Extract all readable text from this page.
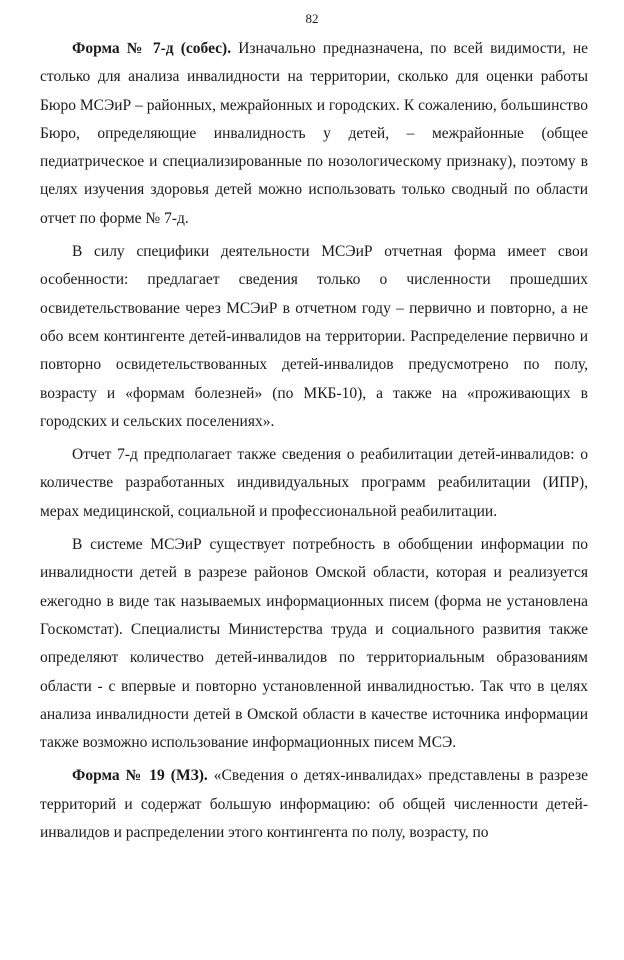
82

Форма № 7-д (собес). Изначально предназначена, по всей видимости, не столько для анализа инвалидности на территории, сколько для оценки работы Бюро МСЭиР – районных, межрайонных и городских. К сожалению, большинство Бюро, определяющие инвалидность у детей, – межрайонные (общее педиатрическое и специализированные по нозологическому признаку), поэтому в целях изучения здоровья детей можно использовать только сводный по области отчет по форме № 7-д.

В силу специфики деятельности МСЭиР отчетная форма имеет свои особенности: предлагает сведения только о численности прошедших освидетельствование через МСЭиР в отчетном году – первично и повторно, а не обо всем контингенте детей-инвалидов на территории. Распределение первично и повторно освидетельствованных детей-инвалидов предусмотрено по полу, возрасту и «формам болезней» (по МКБ-10), а также на «проживающих в городских и сельских поселениях».

Отчет 7-д предполагает также сведения о реабилитации детей-инвалидов: о количестве разработанных индивидуальных программ реабилитации (ИПР), мерах медицинской, социальной и профессиональной реабилитации.

В системе МСЭиР существует потребность в обобщении информации по инвалидности детей в разрезе районов Омской области, которая и реализуется ежегодно в виде так называемых информационных писем (форма не установлена Госкомстат). Специалисты Министерства труда и социального развития также определяют количество детей-инвалидов по территориальным образованиям области - с впервые и повторно установленной инвалидностью. Так что в целях анализа инвалидности детей в Омской области в качестве источника информации также возможно использование информационных писем МСЭ.

Форма № 19 (МЗ). «Сведения о детях-инвалидах» представлены в разрезе территорий и содержат большую информацию: об общей численности детей-инвалидов и распределении этого контингента по полу, возрасту, по
